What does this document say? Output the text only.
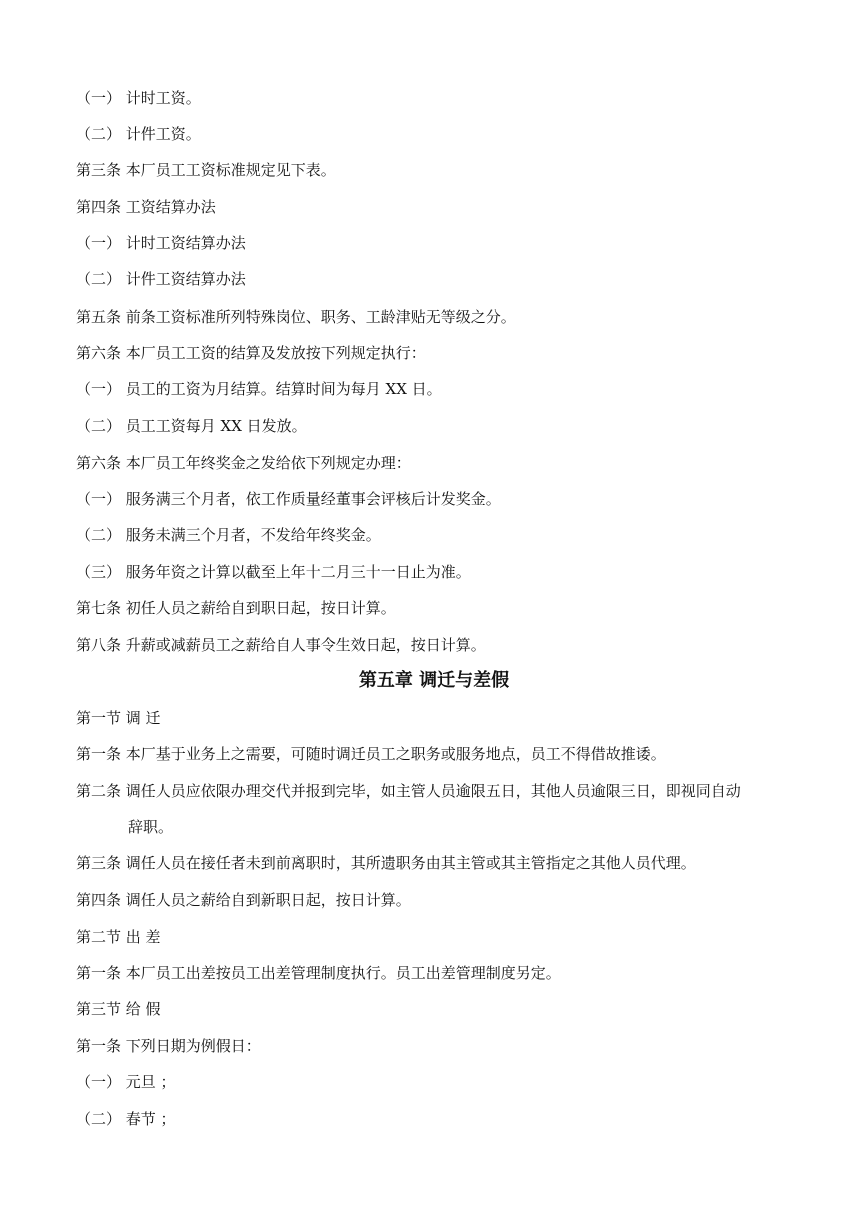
（一） 计时工资。
（二） 计件工资。
第三条 本厂员工工资标准规定见下表。
第四条 工资结算办法
（一） 计时工资结算办法
（二） 计件工资结算办法
第五条 前条工资标准所列特殊岗位、职务、工龄津贴无等级之分。
第六条 本厂员工工资的结算及发放按下列规定执行：
（一） 员工的工资为月结算。结算时间为每月 XX 日。
（二） 员工工资每月 XX 日发放。
第六条 本厂员工年终奖金之发给依下列规定办理：
（一） 服务满三个月者，依工作质量经董事会评核后计发奖金。
（二） 服务未满三个月者，不发给年终奖金。
（三） 服务年资之计算以截至上年十二月三十一日止为准。
第七条 初任人员之薪给自到职日起，按日计算。
第八条 升薪或减薪员工之薪给自人事令生效日起，按日计算。
第五章 调迁与差假
第一节 调 迁
第一条 本厂基于业务上之需要，可随时调迁员工之职务或服务地点，员工不得借故推诿。
第二条 调任人员应依限办理交代并报到完毕，如主管人员逾限五日，其他人员逾限三日，即视同自动
辞职。
第三条 调任人员在接任者未到前离职时，其所遗职务由其主管或其主管指定之其他人员代理。
第四条 调任人员之薪给自到新职日起，按日计算。
第二节 出 差
第一条 本厂员工出差按员工出差管理制度执行。员工出差管理制度另定。
第三节 给 假
第一条 下列日期为例假日：
（一） 元旦 ；
（二） 春节 ；
